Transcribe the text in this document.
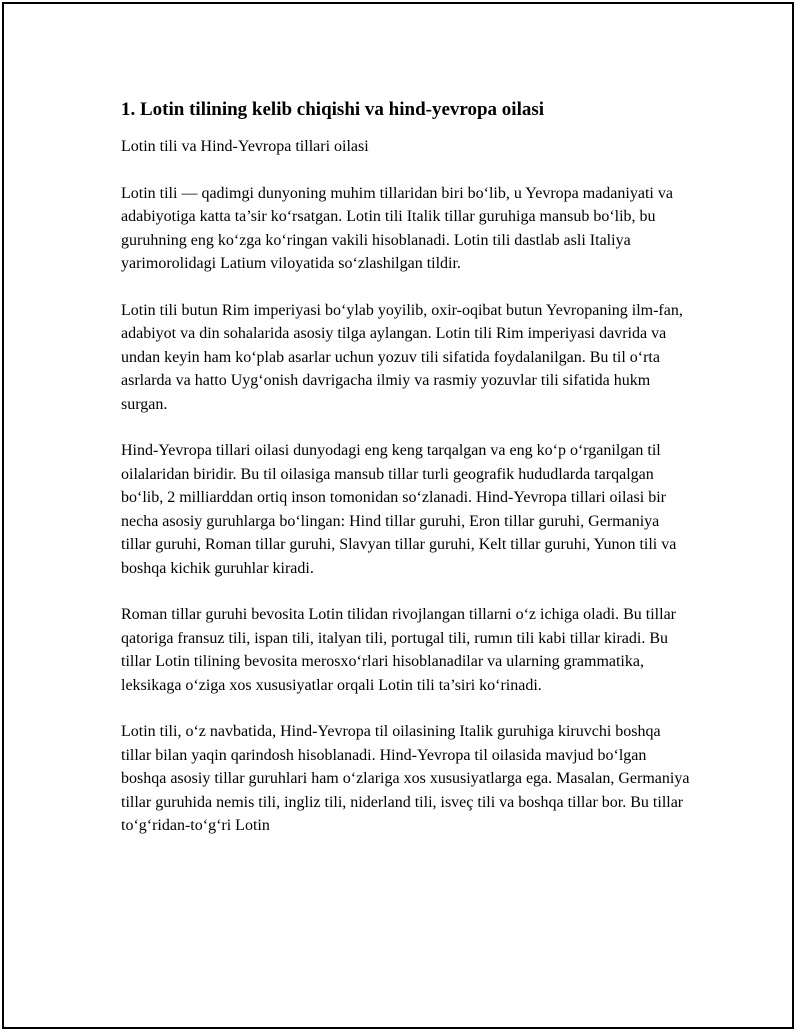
1. Lotin tilining kelib chiqishi va hind-yevropa oilasi
Lotin tili va Hind-Yevropa tillari oilasi

Lotin tili — qadimgi dunyoning muhim tillaridan biri bo‘lib, u Yevropa madaniyati va adabiyotiga katta ta’sir ko‘rsatgan. Lotin tili Italik tillar guruhiga mansub bo‘lib, bu guruhning eng ko‘zga ko‘ringan vakili hisoblanadi. Lotin tili dastlab asli Italiya yarimorolidagi Latium viloyatida so‘zlashilgan tildir.

Lotin tili butun Rim imperiyasi bo‘ylab yoyilib, oxir-oqibat butun Yevropaning ilm-fan, adabiyot va din sohalarida asosiy tilga aylangan. Lotin tili Rim imperiyasi davrida va undan keyin ham ko‘plab asarlar uchun yozuv tili sifatida foydalanilgan. Bu til o‘rta asrlarda va hatto Uyg‘onish davrigacha ilmiy va rasmiy yozuvlar tili sifatida hukm surgan.

Hind-Yevropa tillari oilasi dunyodagi eng keng tarqalgan va eng ko‘p o‘rganilgan til oilalaridan biridir. Bu til oilasiga mansub tillar turli geografik hududlarda tarqalgan bo‘lib, 2 milliarddan ortiq inson tomonidan so‘zlanadi. Hind-Yevropa tillari oilasi bir necha asosiy guruhlarga bo‘lingan: Hind tillar guruhi, Eron tillar guruhi, Germaniya tillar guruhi, Roman tillar guruhi, Slavyan tillar guruhi, Kelt tillar guruhi, Yunon tili va boshqa kichik guruhlar kiradi.

Roman tillar guruhi bevosita Lotin tilidan rivojlangan tillarni o‘z ichiga oladi. Bu tillar qatoriga fransuz tili, ispan tili, italyan tili, portugal tili, rumın tili kabi tillar kiradi. Bu tillar Lotin tilining bevosita merosxo‘rlari hisoblanadilar va ularning grammatika, leksikaga o‘ziga xos xususiyatlar orqali Lotin tili ta’siri ko‘rinadi.

Lotin tili, o‘z navbatida, Hind-Yevropa til oilasining Italik guruhiga kiruvchi boshqa tillar bilan yaqin qarindosh hisoblanadi. Hind-Yevropa til oilasida mavjud bo‘lgan boshqa asosiy tillar guruhlari ham o‘zlariga xos xususiyatlarga ega. Masalan, Germaniya tillar guruhida nemis tili, ingliz tili, niderland tili, isveç tili va boshqa tillar bor. Bu tillar to‘g‘ridan-to‘g‘ri Lotin
